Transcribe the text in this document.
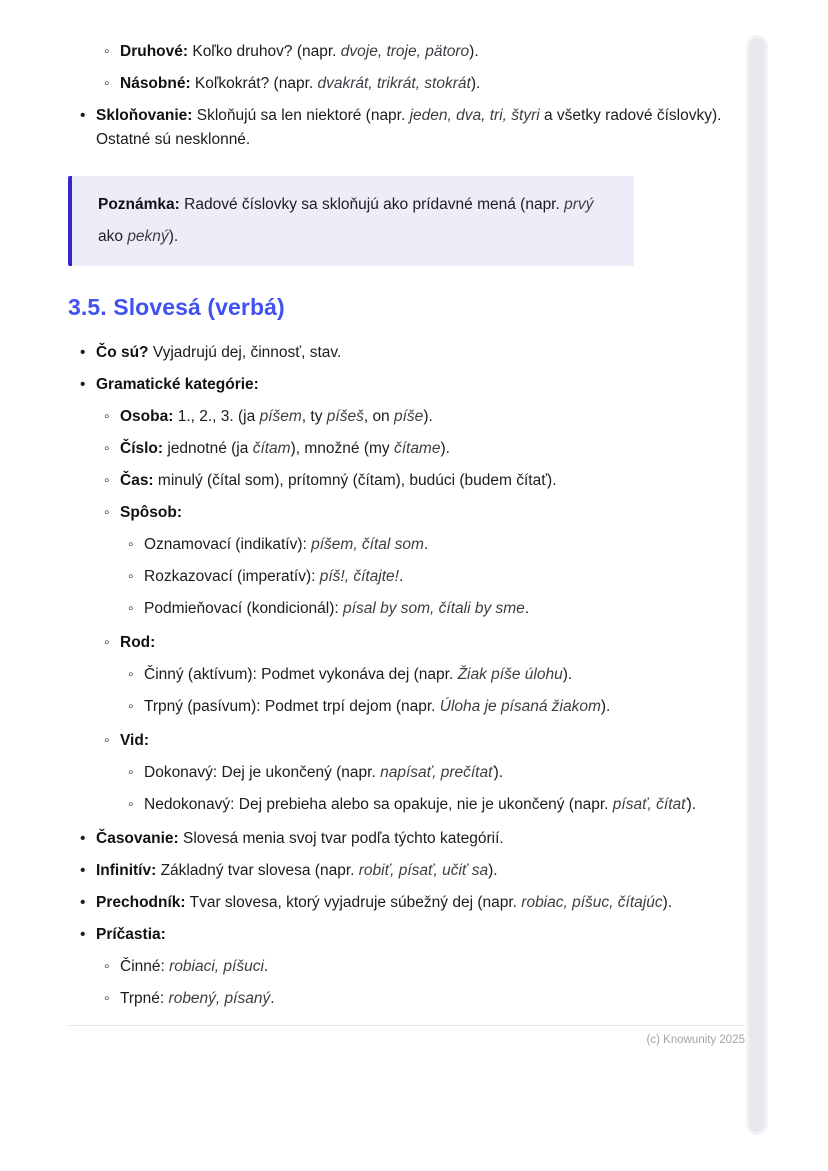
◦ Druhové: Koľko druhov? (napr. dvoje, troje, pätoro).
◦ Násobné: Koľkokrát? (napr. dvakrát, trikrát, stokrát).
• Skloňovanie: Skloňujú sa len niektoré (napr. jeden, dva, tri, štyri a všetky radové číslovky). Ostatné sú nesklonné.
Poznámka: Radové číslovky sa skloňujú ako prídavné mená (napr. prvý ako pekný).
3.5. Slovesá (verbá)
• Čo sú? Vyjadrujú dej, činnosť, stav.
• Gramatické kategórie:
◦ Osoba: 1., 2., 3. (ja píšem, ty píšeš, on píše).
◦ Číslo: jednotné (ja čítam), množné (my čítame).
◦ Čas: minulý (čítal som), prítomný (čítam), budúci (budem čítať).
◦ Spôsob:
◦ Oznamovací (indikatív): píšem, čítal som.
◦ Rozkazovací (imperatív): píš!, čítajte!.
◦ Podmieňovací (kondicionál): písal by som, čítali by sme.
◦ Rod:
◦ Činný (aktívum): Podmet vykonáva dej (napr. Žiak píše úlohu).
◦ Trpný (pasívum): Podmet trpí dejom (napr. Úloha je písaná žiakom).
◦ Vid:
◦ Dokonavý: Dej je ukončený (napr. napísať, prečítať).
◦ Nedokonavý: Dej prebieha alebo sa opakuje, nie je ukončený (napr. písať, čítať).
• Časovanie: Slovesá menia svoj tvar podľa týchto kategórií.
• Infinitív: Základný tvar slovesa (napr. robiť, písať, učiť sa).
• Prechodník: Tvar slovesa, ktorý vyjadruje súbežný dej (napr. robiac, píšuc, čítajúc).
• Príčastia:
◦ Činné: robiaci, píšuci.
◦ Trpné: robený, písaný.
(c) Knowunity 2025
